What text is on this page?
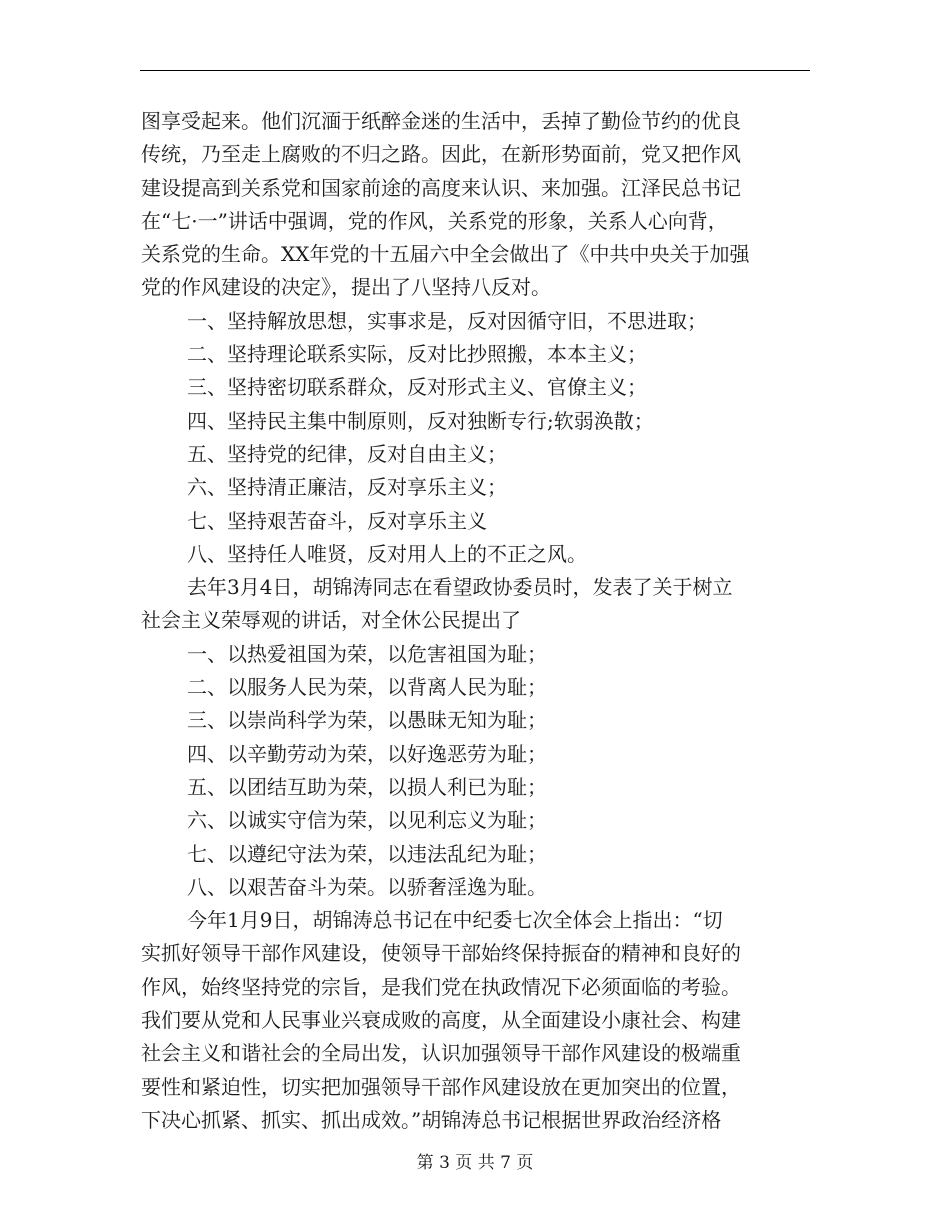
图享受起来。他们沉湎于纸醉金迷的生活中，丢掉了勤俭节约的优良

传统，乃至走上腐败的不归之路。因此，在新形势面前，党又把作风

建设提高到关系党和国家前途的高度来认识、来加强。江泽民总书记

在“七·一”讲话中强调，党的作风，关系党的形象，关系人心向背，

关系党的生命。XX年党的十五届六中全会做出了《中共中央关于加强

党的作风建设的决定》，提出了八坚持八反对。

一、坚持解放思想，实事求是，反对因循守旧，不思进取；

二、坚持理论联系实际，反对比抄照搬，本本主义；

三、坚持密切联系群众，反对形式主义、官僚主义；

四、坚持民主集中制原则，反对独断专行;软弱涣散；

五、坚持党的纪律，反对自由主义；

六、坚持清正廉洁，反对享乐主义；

七、坚持艰苦奋斗，反对享乐主义

八、坚持任人唯贤，反对用人上的不正之风。

去年3月4日，胡锦涛同志在看望政协委员时，发表了关于树立

社会主义荣辱观的讲话，对全休公民提出了

一、以热爱祖国为荣，以危害祖国为耻；

二、以服务人民为荣，以背离人民为耻；

三、以崇尚科学为荣，以愚昧无知为耻；

四、以辛勤劳动为荣，以好逸恶劳为耻；

五、以团结互助为荣，以损人利已为耻；

六、以诚实守信为荣，以见利忘义为耻；

七、以遵纪守法为荣，以违法乱纪为耻；

八、以艰苦奋斗为荣。以骄奢淫逸为耻。

今年1月9日，胡锦涛总书记在中纪委七次全体会上指出：“切

实抓好领导干部作风建设，使领导干部始终保持振奋的精神和良好的

作风，始终坚持党的宗旨，是我们党在执政情况下必须面临的考验。

我们要从党和人民事业兴衰成败的高度，从全面建设小康社会、构建

社会主义和谐社会的全局出发，认识加强领导干部作风建设的极端重

要性和紧迫性，切实把加强领导干部作风建设放在更加突出的位置，

下决心抓紧、抓实、抓出成效。”胡锦涛总书记根据世界政治经济格

第 3 页 共 7 页
